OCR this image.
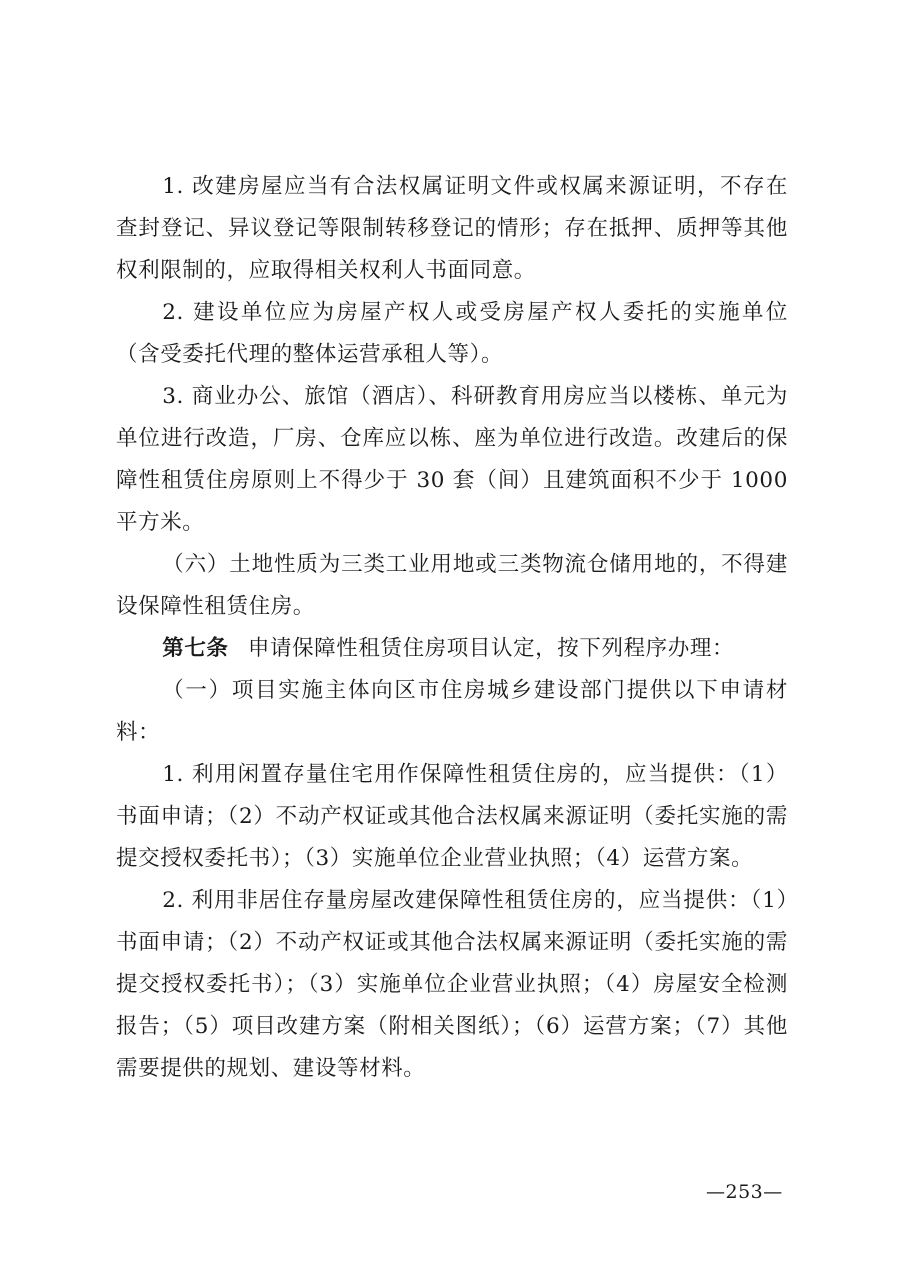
1. 改建房屋应当有合法权属证明文件或权属来源证明，不存在查封登记、异议登记等限制转移登记的情形；存在抵押、质押等其他权利限制的，应取得相关权利人书面同意。

2. 建设单位应为房屋产权人或受房屋产权人委托的实施单位（含受委托代理的整体运营承租人等）。

3. 商业办公、旅馆（酒店）、科研教育用房应当以楼栋、单元为单位进行改造，厂房、仓库应以栋、座为单位进行改造。改建后的保障性租赁住房原则上不得少于 30 套（间）且建筑面积不少于 1000 平方米。

（六）土地性质为三类工业用地或三类物流仓储用地的，不得建设保障性租赁住房。

第七条 申请保障性租赁住房项目认定，按下列程序办理：

（一）项目实施主体向区市住房城乡建设部门提供以下申请材料：

1. 利用闲置存量住宅用作保障性租赁住房的，应当提供：（1）书面申请；（2）不动产权证或其他合法权属来源证明（委托实施的需提交授权委托书）；（3）实施单位企业营业执照；（4）运营方案。

2. 利用非居住存量房屋改建保障性租赁住房的，应当提供：（1）书面申请；（2）不动产权证或其他合法权属来源证明（委托实施的需提交授权委托书）；（3）实施单位企业营业执照；（4）房屋安全检测报告；（5）项目改建方案（附相关图纸）；（6）运营方案；（7）其他需要提供的规划、建设等材料。

—253—
